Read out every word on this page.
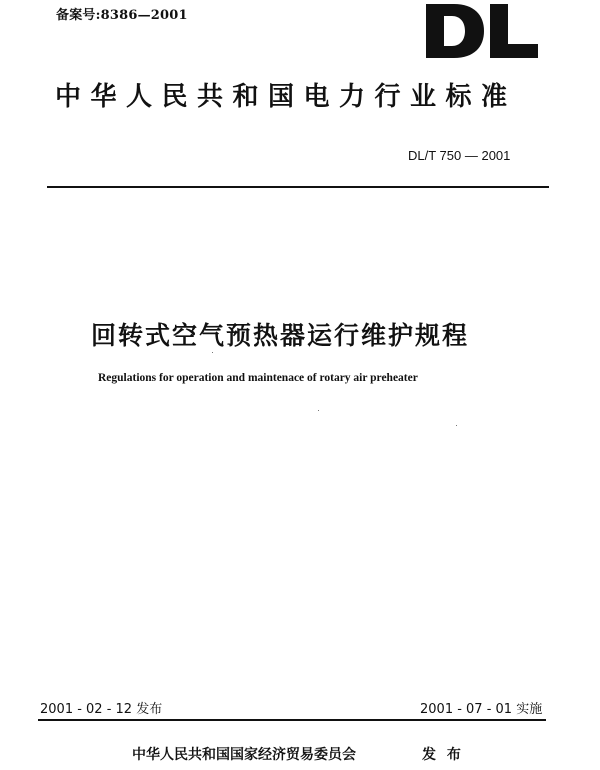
备案号:8386—2001
中华人民共和国电力行业标准
DL/T 750 — 2001
回转式空气预热器运行维护规程
Regulations for operation and maintenace of rotary air preheater
2001 - 02 - 12 发布	2001 - 07 - 01 实施
中华人民共和国国家经济贸易委员会	发 布
